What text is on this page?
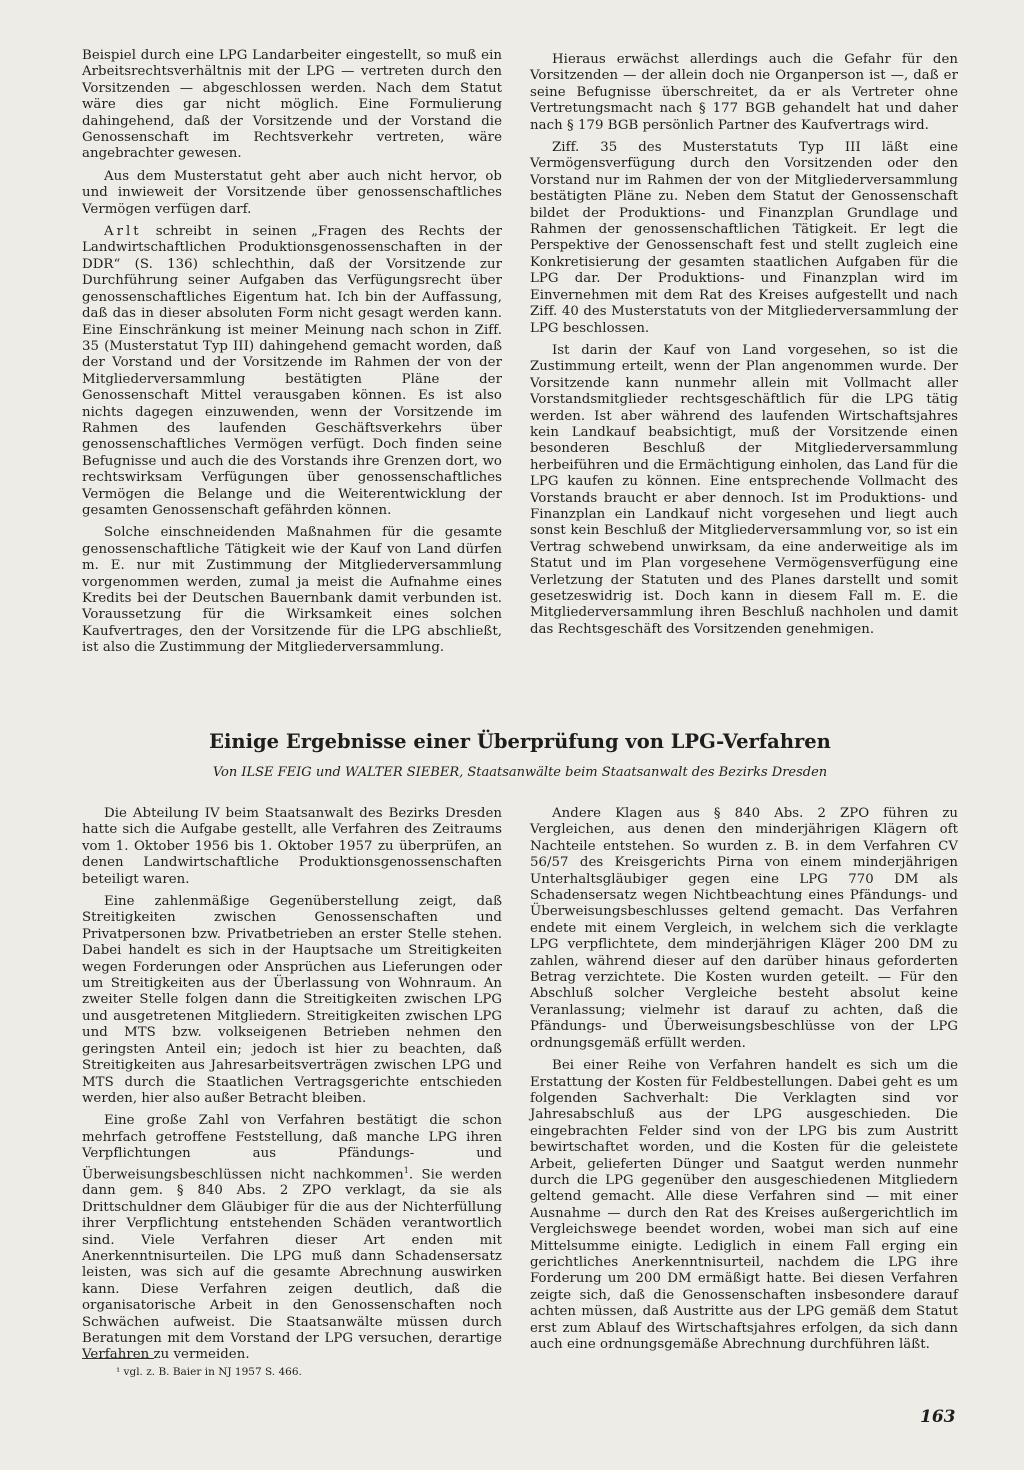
Beispiel durch eine LPG Landarbeiter eingestellt, so muß ein Arbeitsrechtsverhältnis mit der LPG — vertreten durch den Vorsitzenden — abgeschlossen werden. Nach dem Statut wäre dies gar nicht möglich. Eine Formulierung dahingehend, daß der Vorsitzende und der Vorstand die Genossenschaft im Rechtsverkehr vertreten, wäre angebrachter gewesen.

Aus dem Musterstatut geht aber auch nicht hervor, ob und inwieweit der Vorsitzende über genossenschaftliches Vermögen verfügen darf.

Arlt schreibt in seinen „Fragen des Rechts der Landwirtschaftlichen Produktionsgenossenschaften in der DDR“ (S. 136) schlechthin, daß der Vorsitzende zur Durchführung seiner Aufgaben das Verfügungsrecht über genossenschaftliches Eigentum hat. Ich bin der Auffassung, daß das in dieser absoluten Form nicht gesagt werden kann. Eine Einschränkung ist meiner Meinung nach schon in Ziff. 35 (Musterstatut Typ III) dahingehend gemacht worden, daß der Vorstand und der Vorsitzende im Rahmen der von der Mitgliederversammlung bestätigten Pläne der Genossenschaft Mittel verausgaben können. Es ist also nichts dagegen einzuwenden, wenn der Vorsitzende im Rahmen des laufenden Geschäftsverkehrs über genossenschaftliches Vermögen verfügt. Doch finden seine Befugnisse und auch die des Vorstands ihre Grenzen dort, wo rechtswirksam Verfügungen über genossenschaftliches Vermögen die Belange und die Weiterentwicklung der gesamten Genossenschaft gefährden können.

Solche einschneidenden Maßnahmen für die gesamte genossenschaftliche Tätigkeit wie der Kauf von Land dürfen m. E. nur mit Zustimmung der Mitgliederversammlung vorgenommen werden, zumal ja meist die Aufnahme eines Kredits bei der Deutschen Bauernbank damit verbunden ist. Voraussetzung für die Wirksamkeit eines solchen Kaufvertrages, den der Vorsitzende für die LPG abschließt, ist also die Zustimmung der Mitgliederversammlung.

Hieraus erwächst allerdings auch die Gefahr für den Vorsitzenden — der allein doch nie Organperson ist —, daß er seine Befugnisse überschreitet, da er als Vertreter ohne Vertretungsmacht nach § 177 BGB gehandelt hat und daher nach § 179 BGB persönlich Partner des Kaufvertrags wird.

Ziff. 35 des Musterstatuts Typ III läßt eine Vermögensverfügung durch den Vorsitzenden oder den Vorstand nur im Rahmen der von der Mitgliederversammlung bestätigten Pläne zu. Neben dem Statut der Genossenschaft bildet der Produktions- und Finanzplan Grundlage und Rahmen der genossenschaftlichen Tätigkeit. Er legt die Perspektive der Genossenschaft fest und stellt zugleich eine Konkretisierung der gesamten staatlichen Aufgaben für die LPG dar. Der Produktions- und Finanzplan wird im Einvernehmen mit dem Rat des Kreises aufgestellt und nach Ziff. 40 des Musterstatuts von der Mitgliederversammlung der LPG beschlossen.

Ist darin der Kauf von Land vorgesehen, so ist die Zustimmung erteilt, wenn der Plan angenommen wurde. Der Vorsitzende kann nunmehr allein mit Vollmacht aller Vorstandsmitglieder rechtsgeschäftlich für die LPG tätig werden. Ist aber während des laufenden Wirtschaftsjahres kein Landkauf beabsichtigt, muß der Vorsitzende einen besonderen Beschluß der Mitgliederversammlung herbeiführen und die Ermächtigung einholen, das Land für die LPG kaufen zu können. Eine entsprechende Vollmacht des Vorstands braucht er aber dennoch. Ist im Produktions- und Finanzplan ein Landkauf nicht vorgesehen und liegt auch sonst kein Beschluß der Mitgliederversammlung vor, so ist ein Vertrag schwebend unwirksam, da eine anderweitige als im Statut und im Plan vorgesehene Vermögensverfügung eine Verletzung der Statuten und des Planes darstellt und somit gesetzeswidrig ist. Doch kann in diesem Fall m. E. die Mitgliederversammlung ihren Beschluß nachholen und damit das Rechtsgeschäft des Vorsitzenden genehmigen.

Einige Ergebnisse einer Überprüfung von LPG-Verfahren

Von ILSE FEIG und WALTER SIEBER, Staatsanwälte beim Staatsanwalt des Bezirks Dresden

Die Abteilung IV beim Staatsanwalt des Bezirks Dresden hatte sich die Aufgabe gestellt, alle Verfahren des Zeitraums vom 1. Oktober 1956 bis 1. Oktober 1957 zu überprüfen, an denen Landwirtschaftliche Produktionsgenossenschaften beteiligt waren.

Eine zahlenmäßige Gegenüberstellung zeigt, daß Streitigkeiten zwischen Genossenschaften und Privatpersonen bzw. Privatbetrieben an erster Stelle stehen. Dabei handelt es sich in der Hauptsache um Streitigkeiten wegen Forderungen oder Ansprüchen aus Lieferungen oder um Streitigkeiten aus der Überlassung von Wohnraum. An zweiter Stelle folgen dann die Streitigkeiten zwischen LPG und ausgetretenen Mitgliedern. Streitigkeiten zwischen LPG und MTS bzw. volkseigenen Betrieben nehmen den geringsten Anteil ein; jedoch ist hier zu beachten, daß Streitigkeiten aus Jahresarbeitsverträgen zwischen LPG und MTS durch die Staatlichen Vertragsgerichte entschieden werden, hier also außer Betracht bleiben.

Eine große Zahl von Verfahren bestätigt die schon mehrfach getroffene Feststellung, daß manche LPG ihren Verpflichtungen aus Pfändungs- und Überweisungsbeschlüssen nicht nachkommen$^1$. Sie werden dann gem. § 840 Abs. 2 ZPO verklagt, da sie als Drittschuldner dem Gläubiger für die aus der Nichterfüllung ihrer Verpflichtung entstehenden Schäden verantwortlich sind. Viele Verfahren dieser Art enden mit Anerkenntnisurteilen. Die LPG muß dann Schadensersatz leisten, was sich auf die gesamte Abrechnung auswirken kann. Diese Verfahren zeigen deutlich, daß die organisatorische Arbeit in den Genossenschaften noch Schwächen aufweist. Die Staatsanwälte müssen durch Beratungen mit dem Vorstand der LPG versuchen, derartige Verfahren zu vermeiden.

Andere Klagen aus § 840 Abs. 2 ZPO führen zu Vergleichen, aus denen den minderjährigen Klägern oft Nachteile entstehen. So wurden z. B. in dem Verfahren CV 56/57 des Kreisgerichts Pirna von einem minderjährigen Unterhaltsgläubiger gegen eine LPG 770 DM als Schadensersatz wegen Nichtbeachtung eines Pfändungs- und Überweisungsbeschlusses geltend gemacht. Das Verfahren endete mit einem Vergleich, in welchem sich die verklagte LPG verpflichtete, dem minderjährigen Kläger 200 DM zu zahlen, während dieser auf den darüber hinaus geforderten Betrag verzichtete. Die Kosten wurden geteilt. — Für den Abschluß solcher Vergleiche besteht absolut keine Veranlassung; vielmehr ist darauf zu achten, daß die Pfändungs- und Überweisungsbeschlüsse von der LPG ordnungsgemäß erfüllt werden.

Bei einer Reihe von Verfahren handelt es sich um die Erstattung der Kosten für Feldbestellungen. Dabei geht es um folgenden Sachverhalt: Die Verklagten sind vor Jahresabschluß aus der LPG ausgeschieden. Die eingebrachten Felder sind von der LPG bis zum Austritt bewirtschaftet worden, und die Kosten für die geleistete Arbeit, gelieferten Dünger und Saatgut werden nunmehr durch die LPG gegenüber den ausgeschiedenen Mitgliedern geltend gemacht. Alle diese Verfahren sind — mit einer Ausnahme — durch den Rat des Kreises außergerichtlich im Vergleichswege beendet worden, wobei man sich auf eine Mittelsumme einigte. Lediglich in einem Fall erging ein gerichtliches Anerkenntnisurteil, nachdem die LPG ihre Forderung um 200 DM ermäßigt hatte. Bei diesen Verfahren zeigte sich, daß die Genossenschaften insbesondere darauf achten müssen, daß Austritte aus der LPG gemäß dem Statut erst zum Ablauf des Wirtschaftsjahres erfolgen, da sich dann auch eine ordnungsgemäße Abrechnung durchführen läßt.

¹ vgl. z. B. Baier in NJ 1957 S. 466.

163
